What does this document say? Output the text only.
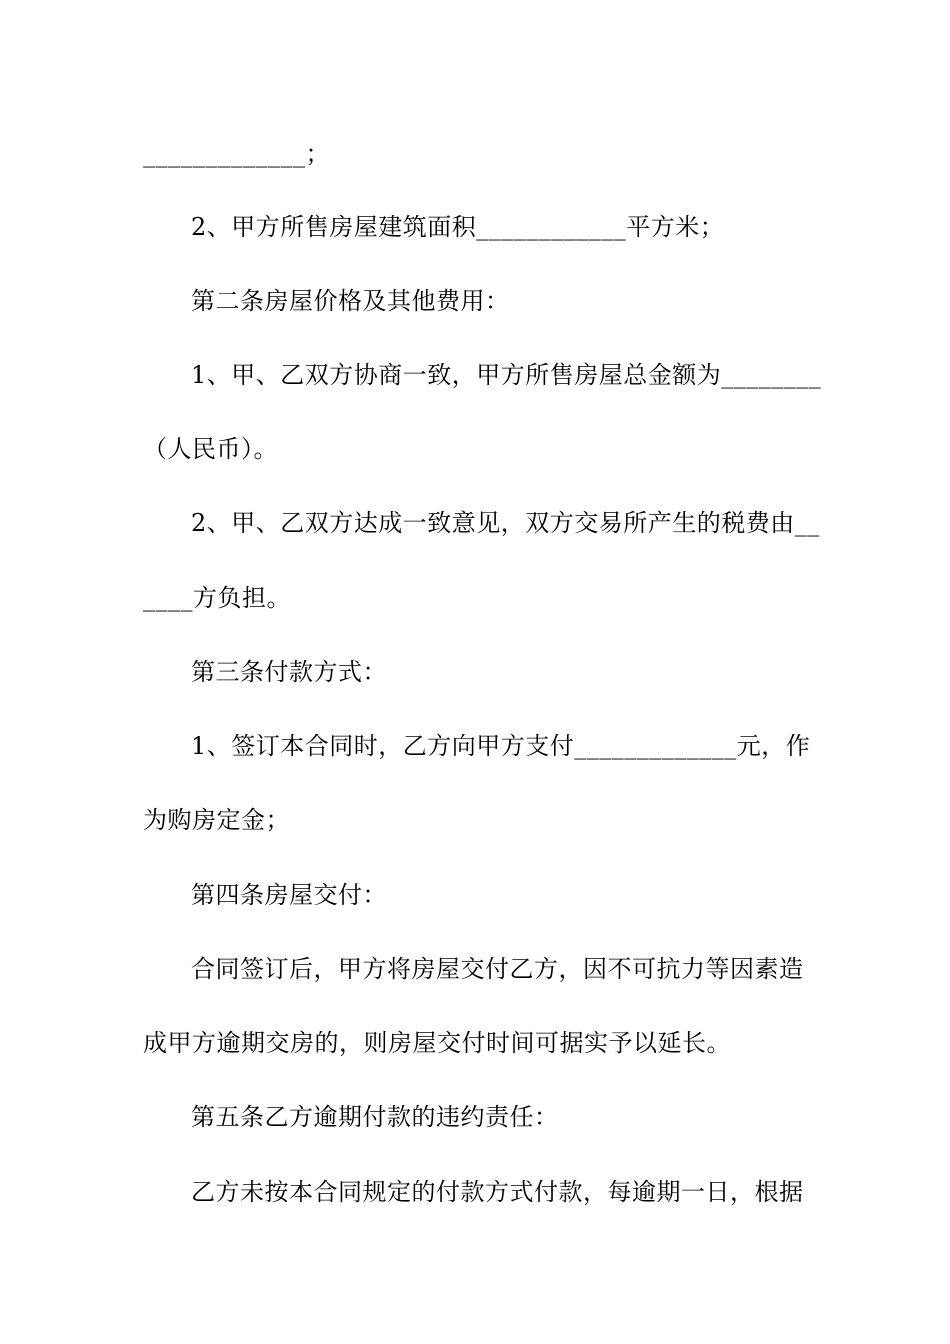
_____________；
2、甲方所售房屋建筑面积____________平方米；
第二条房屋价格及其他费用：
1、甲、乙双方协商一致，甲方所售房屋总金额为________
（人民币）。
2、甲、乙双方达成一致意见，双方交易所产生的税费由__
____方负担。
第三条付款方式：
1、签订本合同时，乙方向甲方支付_____________元，作
为购房定金；
第四条房屋交付：
合同签订后，甲方将房屋交付乙方，因不可抗力等因素造
成甲方逾期交房的，则房屋交付时间可据实予以延长。
第五条乙方逾期付款的违约责任：
乙方未按本合同规定的付款方式付款，每逾期一日，根据
